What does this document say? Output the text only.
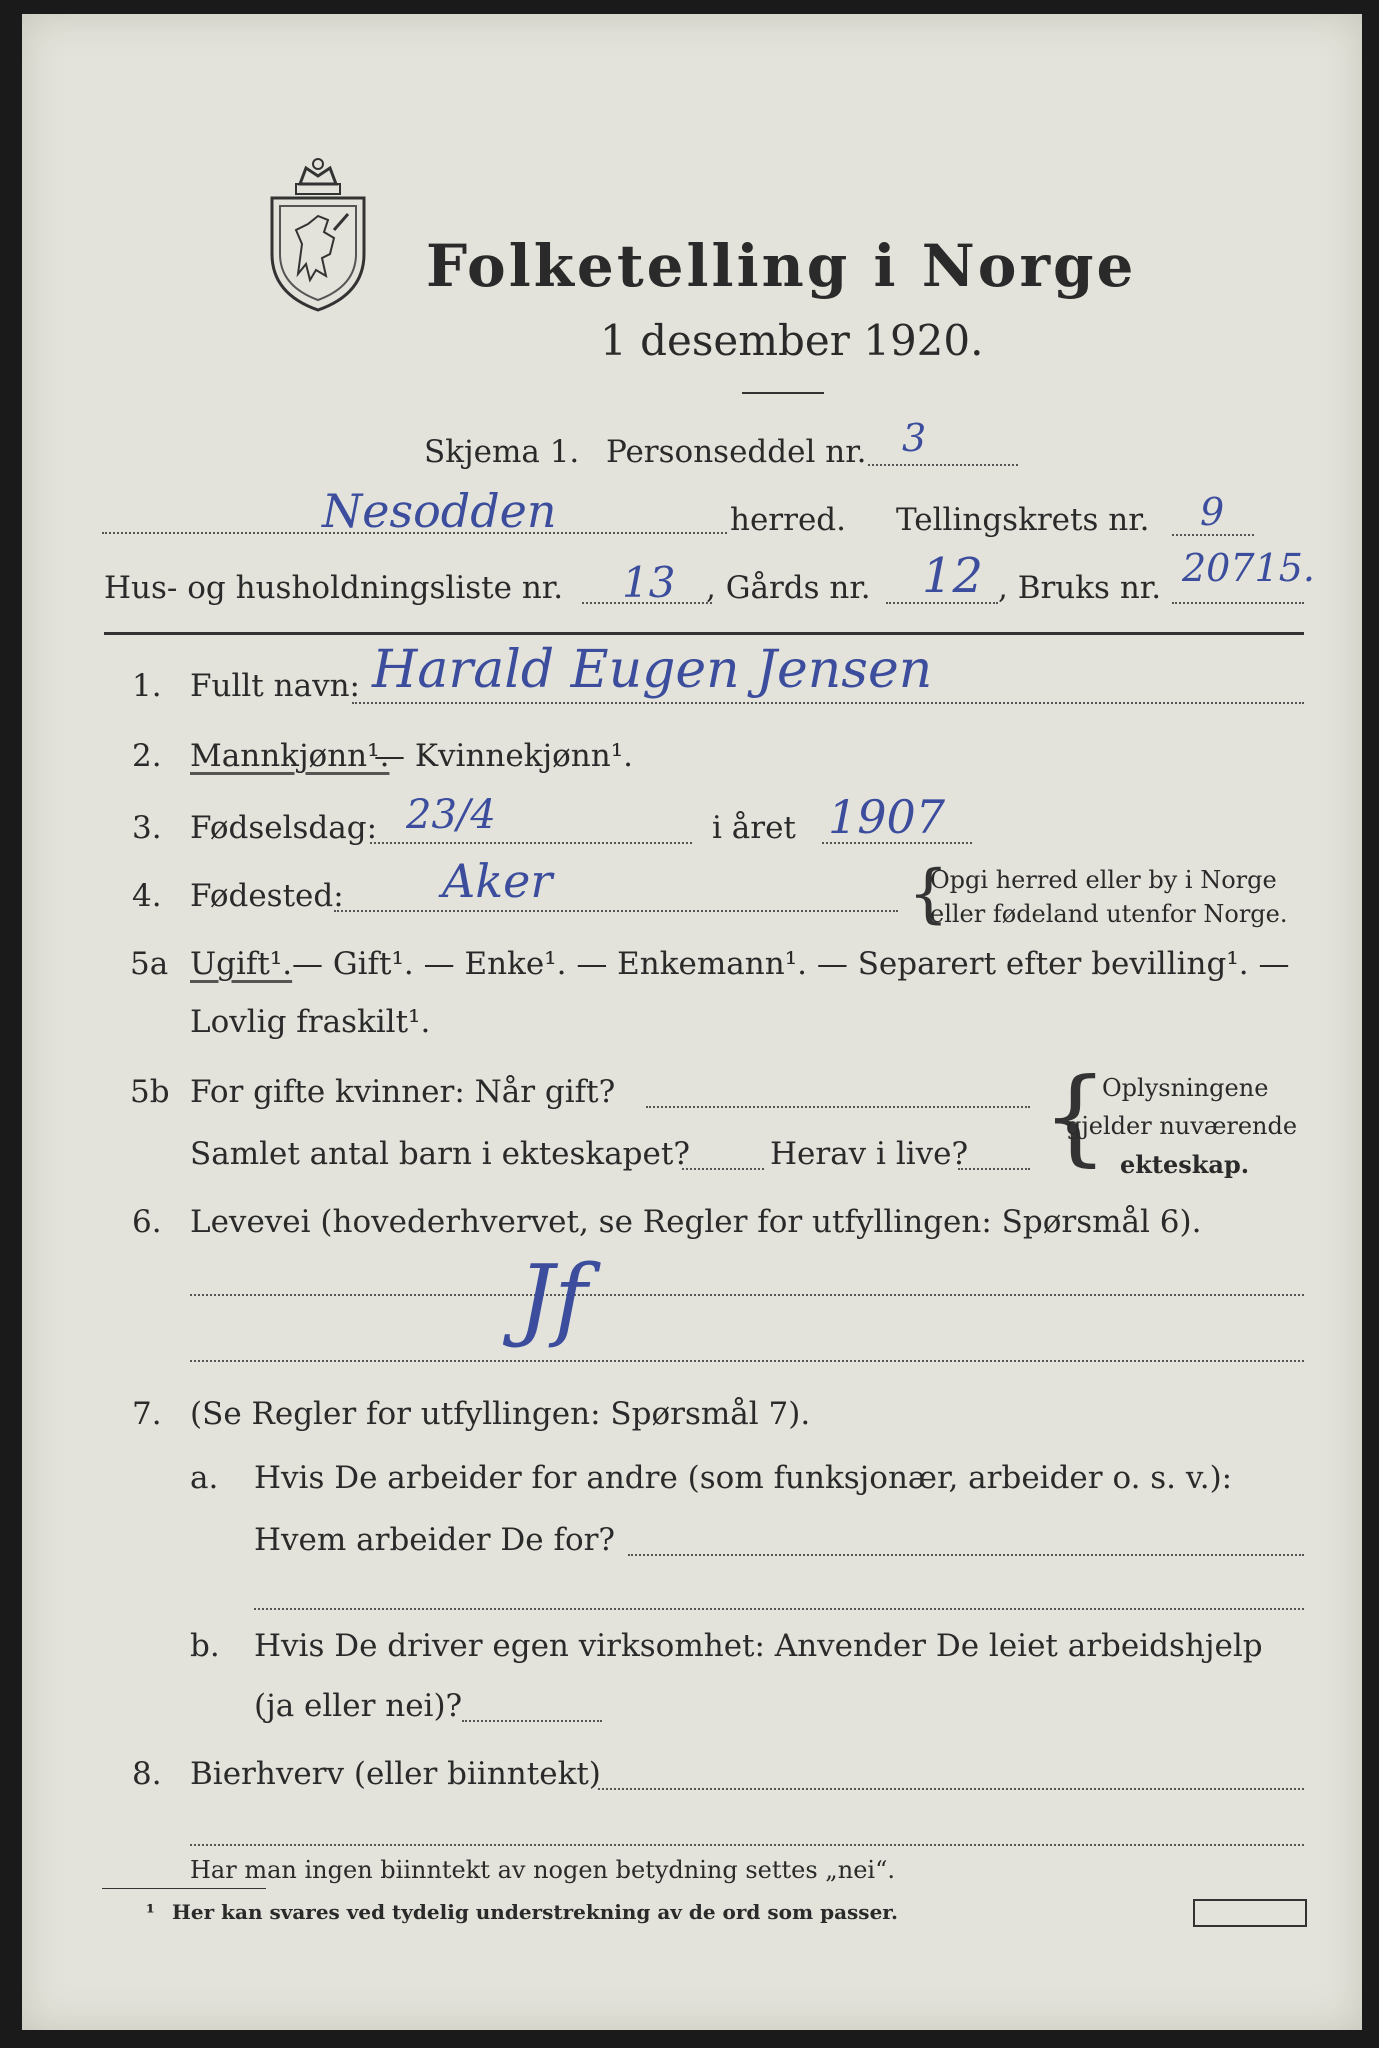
Folketelling i Norge
1 desember 1920.
Skjema 1. Personseddel nr. 3
Nesodden	herred. Tellingskrets nr. 9
Hus- og husholdningsliste nr. 13 , Gårds nr. 12 , Bruks nr. 20715.
1. Fullt navn: Harald Eugen Jensen
2. Mannkjønn¹.
— Kvinnekjønn¹.
3. Fødselsdag: 23/4	i året 1907
4. Fødested: Aker	{
Opgi herred eller by i Norge
eller fødeland utenfor Norge.
5a Ugift¹. — Gift¹. — Enke¹. — Enkemann¹. — Separert efter bevilling¹. —
Lovlig fraskilt¹.
5b For gifte kvinner: Når gift?
Samlet antal barn i ekteskapet?	Herav i live? {
Oplysningene
gjelder nuværende
ekteskap.
6. Levevei (hovederhvervet, se Regler for utfyllingen: Spørsmål 6).
Jf
7. (Se Regler for utfyllingen: Spørsmål 7).
a. Hvis De arbeider for andre (som funksjonær, arbeider o. s. v.):
Hvem arbeider De for?
b. Hvis De driver egen virksomhet: Anvender De leiet arbeidshjelp
(ja eller nei)?
8. Bierhverv (eller biinntekt)
Har man ingen biinntekt av nogen betydning settes „nei“.
¹ Her kan svares ved tydelig understrekning av de ord som passer.
